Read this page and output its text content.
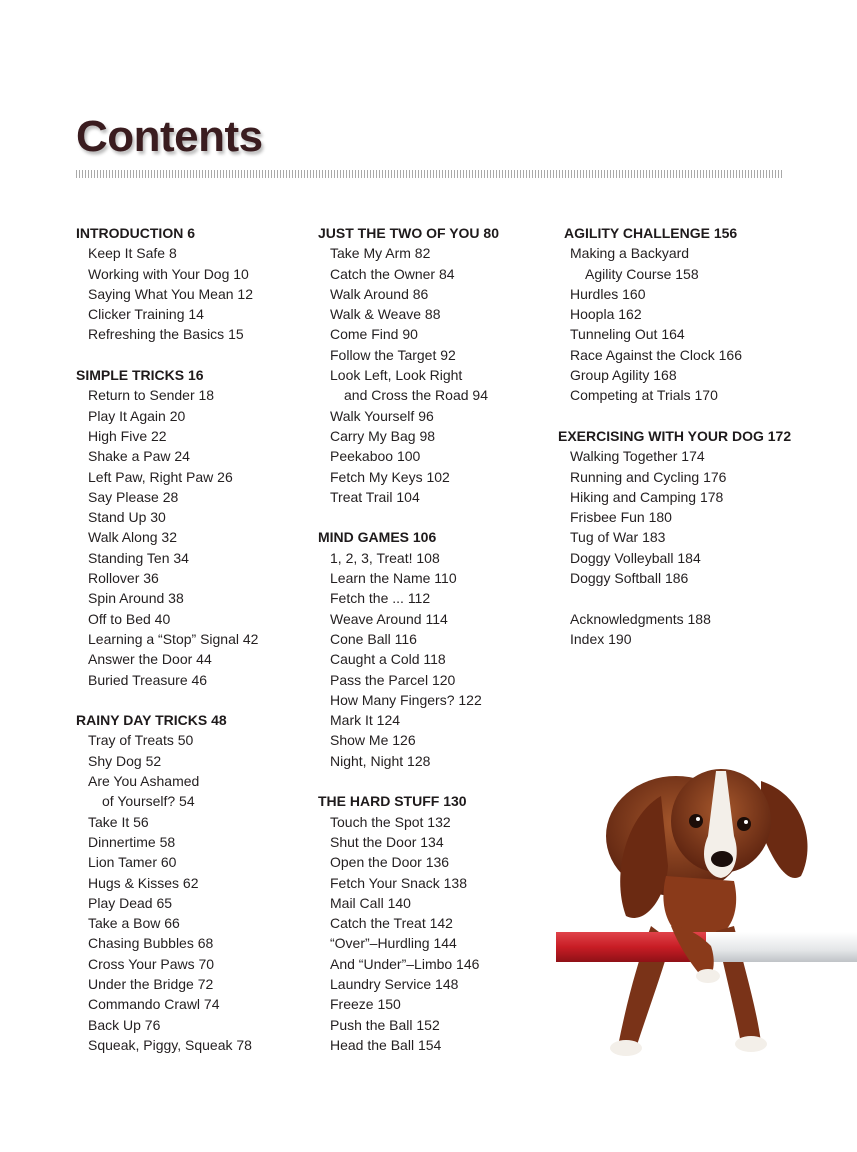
Contents
INTRODUCTION 6
Keep It Safe 8
Working with Your Dog 10
Saying What You Mean 12
Clicker Training 14
Refreshing the Basics 15
SIMPLE TRICKS 16
Return to Sender 18
Play It Again 20
High Five 22
Shake a Paw 24
Left Paw, Right Paw 26
Say Please 28
Stand Up 30
Walk Along 32
Standing Ten 34
Rollover 36
Spin Around 38
Off to Bed 40
Learning a “Stop” Signal 42
Answer the Door 44
Buried Treasure 46
RAINY DAY TRICKS 48
Tray of Treats 50
Shy Dog 52
Are You Ashamed
of Yourself? 54
Take It 56
Dinnertime 58
Lion Tamer 60
Hugs & Kisses 62
Play Dead 65
Take a Bow 66
Chasing Bubbles 68
Cross Your Paws 70
Under the Bridge 72
Commando Crawl 74
Back Up 76
Squeak, Piggy, Squeak 78
JUST THE TWO OF YOU 80
Take My Arm 82
Catch the Owner 84
Walk Around 86
Walk & Weave 88
Come Find 90
Follow the Target 92
Look Left, Look Right
and Cross the Road 94
Walk Yourself 96
Carry My Bag 98
Peekaboo 100
Fetch My Keys 102
Treat Trail 104
MIND GAMES 106
1, 2, 3, Treat! 108
Learn the Name 110
Fetch the ... 112
Weave Around 114
Cone Ball 116
Caught a Cold 118
Pass the Parcel 120
How Many Fingers? 122
Mark It 124
Show Me 126
Night, Night 128
THE HARD STUFF 130
Touch the Spot 132
Shut the Door 134
Open the Door 136
Fetch Your Snack 138
Mail Call 140
Catch the Treat 142
“Over”–Hurdling 144
And “Under”–Limbo 146
Laundry Service 148
Freeze 150
Push the Ball 152
Head the Ball 154
AGILITY CHALLENGE 156
Making a Backyard
Agility Course 158
Hurdles 160
Hoopla 162
Tunneling Out 164
Race Against the Clock 166
Group Agility 168
Competing at Trials 170
EXERCISING WITH YOUR DOG 172
Walking Together 174
Running and Cycling 176
Hiking and Camping 178
Frisbee Fun 180
Tug of War 183
Doggy Volleyball 184
Doggy Softball 186
Acknowledgments 188
Index 190
